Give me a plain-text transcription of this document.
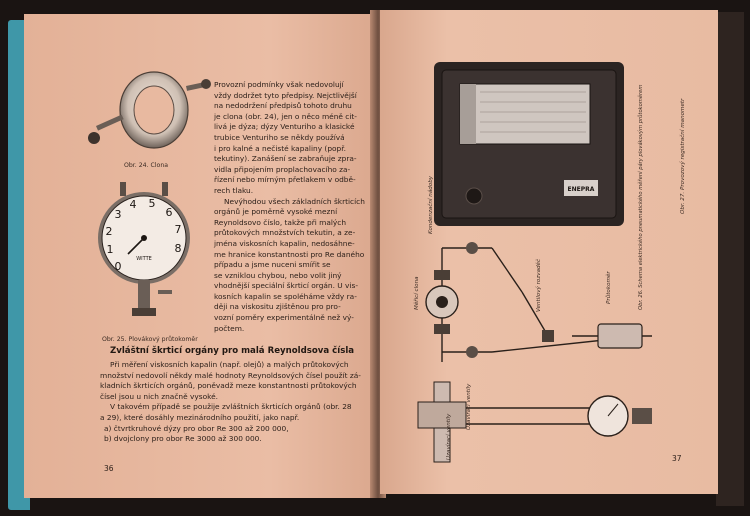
Obr. 24. Clona
0
1
2
3
4 5
6
7
8
WITTE
Obr. 25. Plovákový průtokoměr
Provozní podmínky však nedovolují
vždy dodržet tyto předpisy. Nejctlivější
na nedodržení předpisů tohoto druhu
je clona (obr. 24), jen o něco méně cit-
livá je dýza; dýzy Venturiho a klasické
trubice Venturiho se někdy používá
i pro kalné a nečisté kapaliny (popř.
tekutiny). Zanášení se zabraňuje zpra-
vidla připojením proplachovacího za-
řízení nebo mírným přetlakem v odbě-
rech tlaku.
Nevýhodou všech základních škrticích
orgánů je poměrně vysoké mezní
Reynoldsovo číslo, takže při malých
průtokových množstvích tekutin, a ze-
jména viskosních kapalin, nedosáhne-
me hranice konstantnosti pro Re daného
případu a jsme nuceni smířit se
se vzniklou chybou, nebo volit jiný
vhodnější speciální škrticí orgán. U vis-
kosních kapalin se spoléháme vždy ra-
ději na viskositu zjištěnou pro pro-
vozní poměry experimentálně než vý-
počtem.
Zvláštní škrticí orgány pro malá Reynoldsova čísla
Při měření viskosních kapalin (např. olejů) a malých průtokových
množství nedovolí někdy malé hodnoty Reynoldsových čísel použít zá-
kladních škrticích orgánů, poněvadž meze konstantnosti průtokových
čísel jsou u nich značně vysoké.
V takovém případě se použije zvláštních škrticích orgánů (obr. 28
a 29), které dosáhly mezinárodního použití, jako např.
a) čtvrtkruhové dýzy pro obor Re 300 až 200 000,
b) dvojclony pro obor Re 3000 až 300 000.
36
ENEPRA	Obr. 27. Provozový registrační manometr
Kondenzační nádoby
Měřicí clona	Ventilový rozvaděč	Průtokoměr
Uzavírací ventily
Uzavírací ventily
Obr. 26. Schema elektrického pneumatického měření páry plovákovým průtokoměrem
37
